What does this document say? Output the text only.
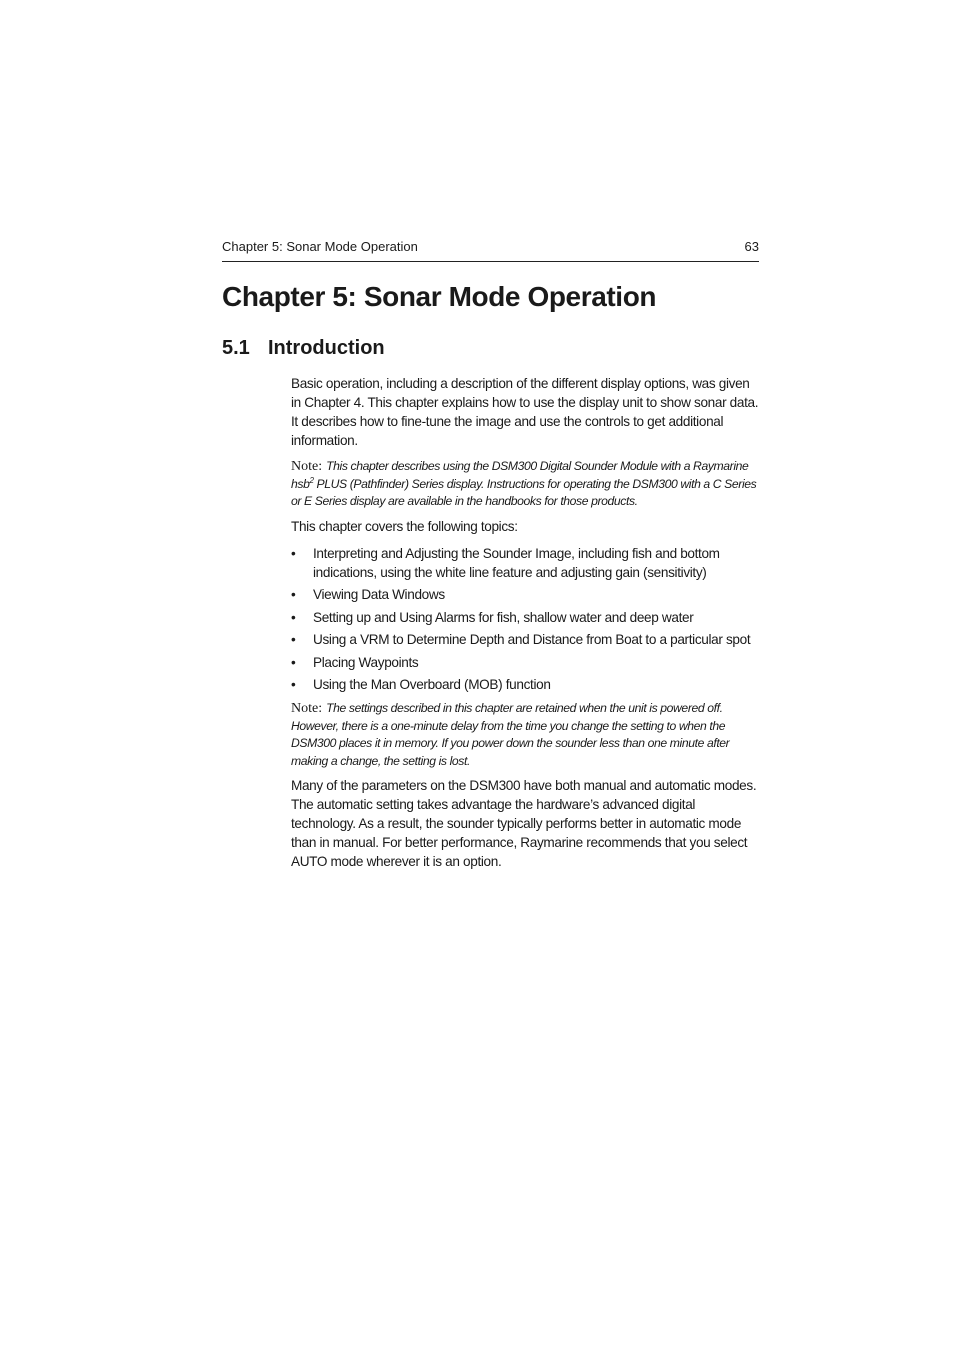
Chapter 5: Sonar Mode Operation	63
Chapter 5: Sonar Mode Operation
5.1 Introduction

Basic operation, including a description of the different display options, was given in Chapter 4. This chapter explains how to use the display unit to show sonar data. It describes how to fine-tune the image and use the controls to get additional information.

Note: This chapter describes using the DSM300 Digital Sounder Module with a Raymarine hsb$^2$ PLUS (Pathfinder) Series display. Instructions for operating the DSM300 with a C Series or E Series display are available in the handbooks for those products.

This chapter covers the following topics:

•	Interpreting and Adjusting the Sounder Image, including fish and bottom indications, using the white line feature and adjusting gain (sensitivity)
•	Viewing Data Windows
•	Setting up and Using Alarms for fish, shallow water and deep water
•	Using a VRM to Determine Depth and Distance from Boat to a particular spot
•	Placing Waypoints
•	Using the Man Overboard (MOB) function

Note: The settings described in this chapter are retained when the unit is powered off. However, there is a one-minute delay from the time you change the setting to when the DSM300 places it in memory. If you power down the sounder less than one minute after making a change, the setting is lost.

Many of the parameters on the DSM300 have both manual and automatic modes. The automatic setting takes advantage the hardware’s advanced digital technology. As a result, the sounder typically performs better in automatic mode than in manual. For better performance, Raymarine recommends that you select AUTO mode wherever it is an option.
